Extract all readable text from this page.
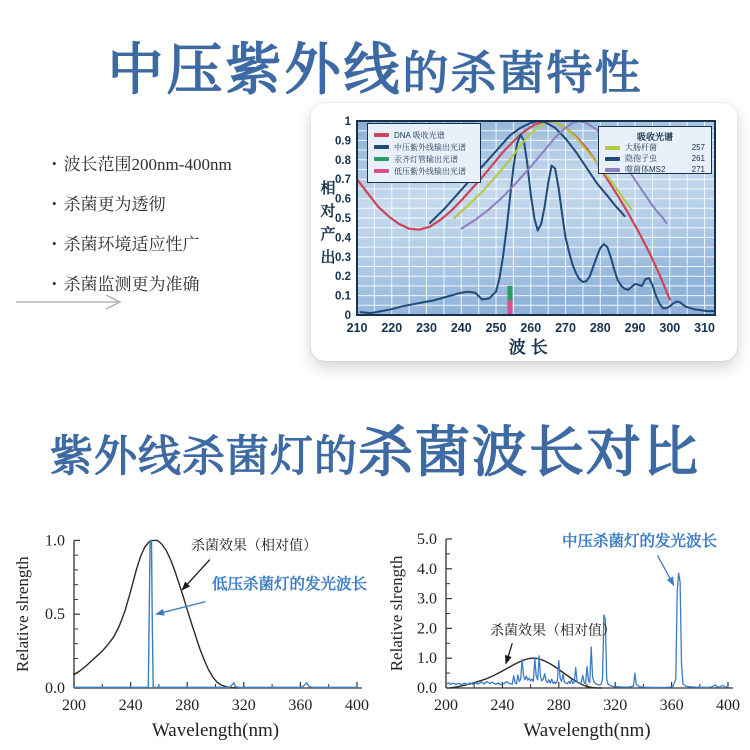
中压紫外线的杀菌特性
• 波长范围200nm-400nm
• 杀菌更为透彻
• 杀菌环境适应性广
• 杀菌监测更为准确
210 220 230 240 250 260 270 280 290 300 310
0
0.1
0.2
0.3
0.4
0.5
0.6
0.7
0.8
0.9
1
波长
相
对
产
出
DNA 吸收光谱
中压紫外线输出光谱
汞齐灯管输出光谱
低压紫外线输出光谱
吸收光谱
大肠杆菌	257
隐孢子虫	261
噬菌体MS2	271
紫外线杀菌灯的杀菌波长对比
200 240 280 320 360 400
0.0
0.5
1.0
Wavelength(nm)
Relative slrength
200 240 280 320 360 400
0.0
1.0
2.0
3.0
4.0
5.0
Wavelength(nm)
Relative slrength
杀菌效果（相对值）
低压杀菌灯的发光波长
杀菌效果（相对值）
中压杀菌灯的发光波长
